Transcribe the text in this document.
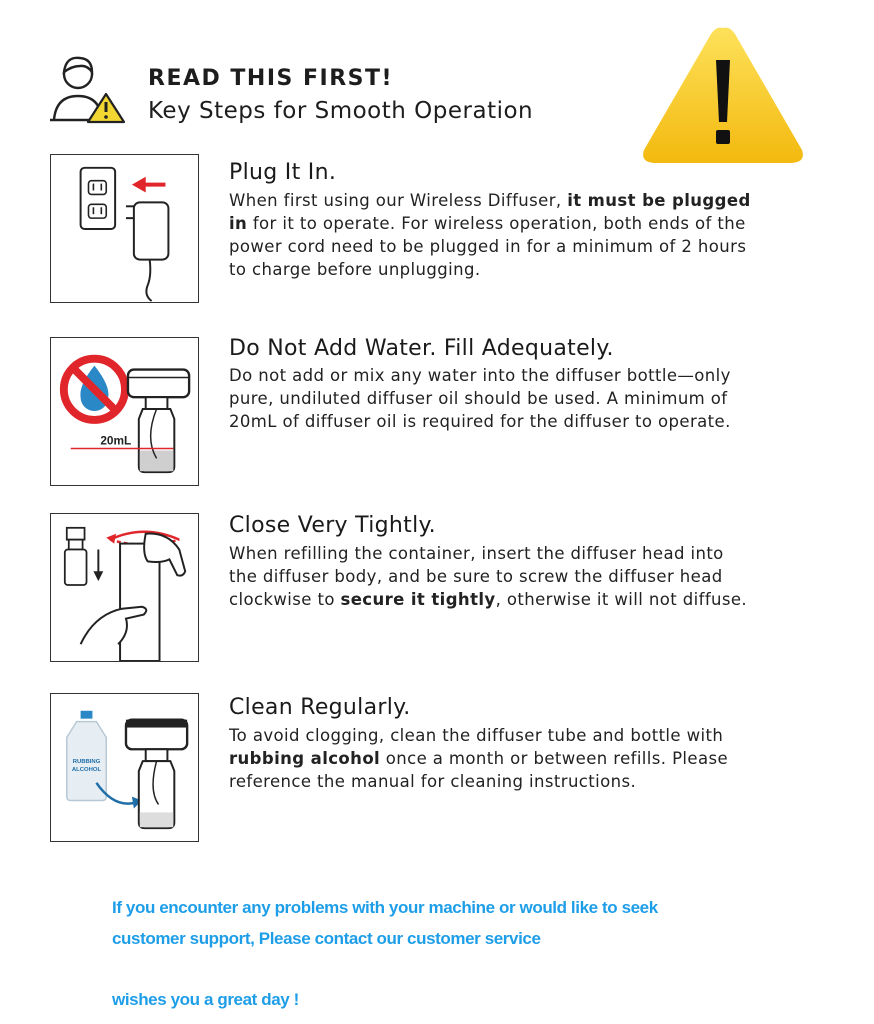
READ THIS FIRST!
Key Steps for Smooth Operation
Plug It In.
When first using our Wireless Diffuser, it must be plugged in for it to operate. For wireless operation, both ends of the power cord need to be plugged in for a minimum of 2 hours to charge before unplugging.
20mL
Do Not Add Water. Fill Adequately.
Do not add or mix any water into the diffuser bottle—only pure, undiluted diffuser oil should be used. A minimum of 20mL of diffuser oil is required for the diffuser to operate.
Close Very Tightly.
When refilling the container, insert the diffuser head into the diffuser body, and be sure to screw the diffuser head clockwise to secure it tightly, otherwise it will not diffuse.
RUBBING
ALCOHOL
Clean Regularly.
To avoid clogging, clean the diffuser tube and bottle with rubbing alcohol once a month or between refills. Please reference the manual for cleaning instructions.
If you encounter any problems with your machine or would like to seek
customer support, Please contact our customer service
wishes you a great day !
